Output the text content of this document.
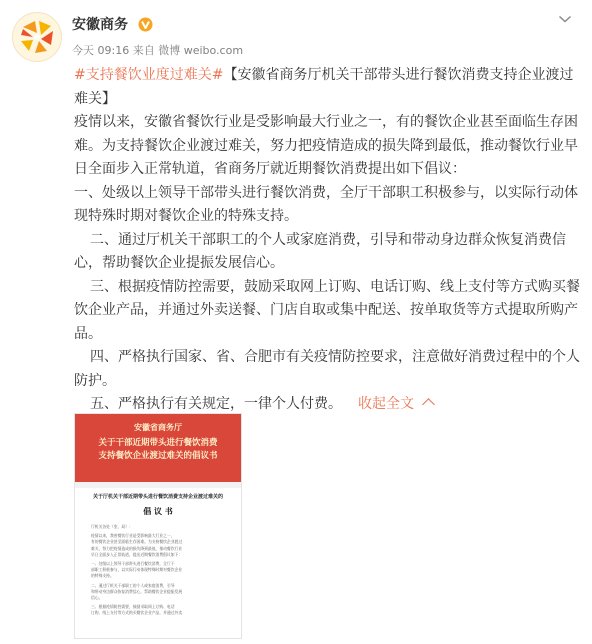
安徽商务
今天 09:16 来自 微博 weibo.com

#支持餐饮业度过难关#【安徽省商务厅机关干部带头进行餐饮消费支持企业渡过难关】

疫情以来，安徽省餐饮行业是受影响最大行业之一，有的餐饮企业甚至面临生存困难。为支持餐饮企业渡过难关，努力把疫情造成的损失降到最低，推动餐饮行业早日全面步入正常轨道，省商务厅就近期餐饮消费提出如下倡议：

一、处级以上领导干部带头进行餐饮消费，全厅干部职工积极参与，以实际行动体现特殊时期对餐饮企业的特殊支持。

二、通过厅机关干部职工的个人或家庭消费，引导和带动身边群众恢复消费信心，帮助餐饮企业提振发展信心。

三、根据疫情防控需要，鼓励采取网上订购、电话订购、线上支付等方式购买餐饮企业产品，并通过外卖送餐、门店自取或集中配送、按单取货等方式提取所购产品。

四、严格执行国家、省、合肥市有关疫情防控要求，注意做好消费过程中的个人防护。

五、严格执行有关规定，一律个人付费。 收起全文

安徽省商务厅
关于干部近期带头进行餐饮消费
支持餐饮企业渡过难关的倡议书
关于厅机关干部近期带头进行餐饮消费支持企业渡过难关的
倡 议 书
厅机关各处（室、局）：
疫情以来，我省餐饮行业是受影响最大行业之一，
有的餐饮企业甚至面临生存困难。为支持餐饮企业渡过
难关，努力把疫情造成的损失降到最低，推动餐饮行业
早日全面步入正常轨道，提出近期餐饮消费倡议如下：
一、处级以上领导干部带头进行餐饮消费，全厅干
部职工积极参与，以实际行动体现特殊时期对餐饮企业
的特殊支持。
二、通过厅机关干部职工的个人或家庭消费，引导
和带动身边群众恢复消费信心，帮助餐饮企业提振发展
信心。
三、根据疫情防控需要，鼓励采取网上订购、电话
订购、线上支付等方式购买餐饮企业产品，并通过外卖
